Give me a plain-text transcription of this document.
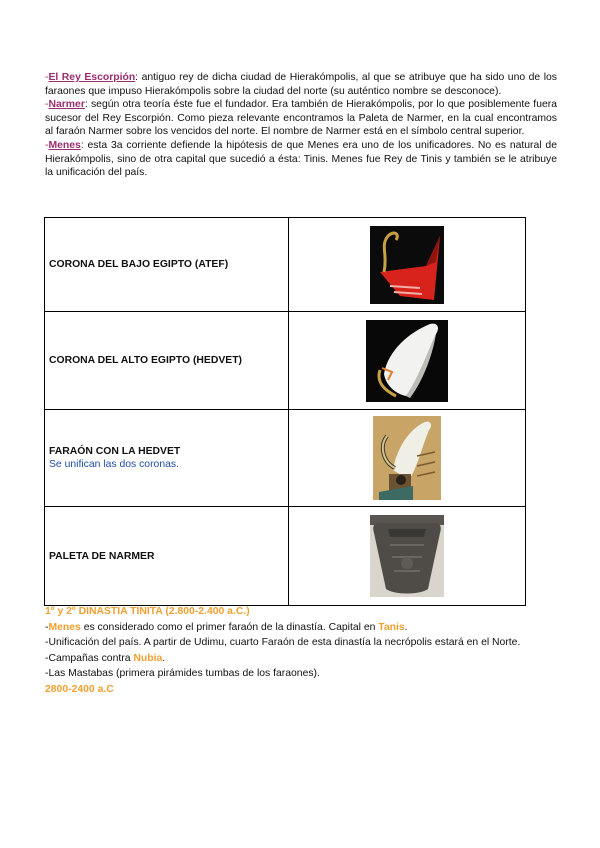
-El Rey Escorpión: antiguo rey de dicha ciudad de Hierakómpolis, al que se atribuye que ha sido uno de los faraones que impuso Hierakómpolis sobre la ciudad del norte (su auténtico nombre se desconoce).

-Narmer: según otra teoría éste fue el fundador. Era también de Hierakómpolis, por lo que posiblemente fuera sucesor del Rey Escorpión. Como pieza relevante encontramos la Paleta de Narmer, en la cual encontramos al faraón Narmer sobre los vencidos del norte. El nombre de Narmer está en el símbolo central superior.

-Menes: esta 3a corriente defiende la hipótesis de que Menes era uno de los unificadores. No es natural de Hierakómpolis, sino de otra capital que sucedió a ésta: Tinis. Menes fue Rey de Tinis y también se le atribuye la unificación del país.

CORONA DEL BAJO EGIPTO (ATEF)	
CORONA DEL ALTO EGIPTO (HEDVET)	
FARAÓN CON LA HEDVET
Se unifican las dos coronas.

PALETA DE NARMER	

1º y 2º DINASTIA TINITA (2.800-2.400 a.C.)

-Menes es considerado como el primer faraón de la dinastía. Capital en Tanis.

-Unificación del país. A partir de Udimu, cuarto Faraón de esta dinastía la necrópolis estará en el Norte.

-Campañas contra Nubia.

-Las Mastabas (primera pirámides tumbas de los faraones).

2800-2400 a.C
